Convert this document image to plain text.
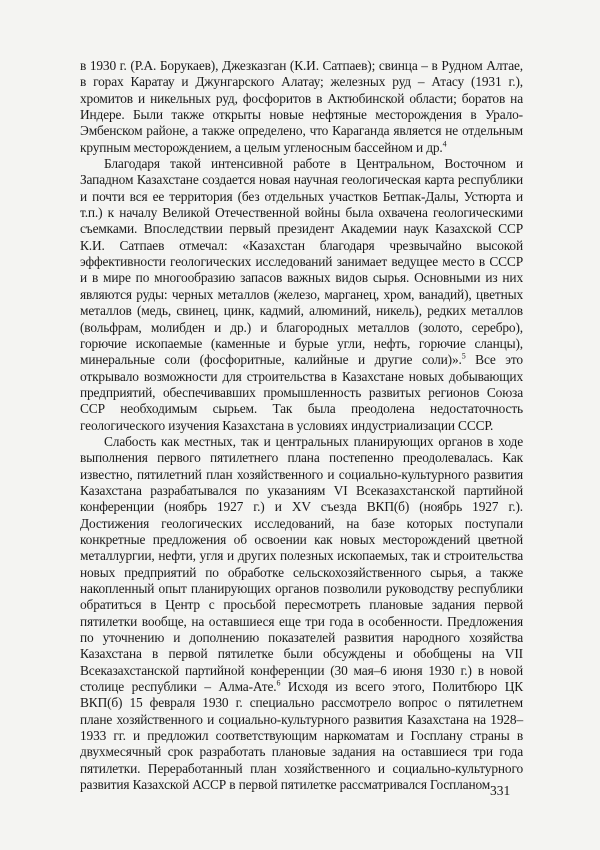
в 1930 г. (Р.А. Борукаев), Джезказган (К.И. Сатпаев); свинца – в Рудном Алтае, в горах Каратау и Джунгарского Алатау; железных руд – Атасу (1931 г.), хромитов и никельных руд, фосфоритов в Актюбинской области; боратов на Индере. Были также открыты новые нефтяные месторождения в Урало-Эмбенском районе, а также определено, что Караганда является не отдельным крупным месторождением, а целым угленосным бассейном и др.$^4$

Благодаря такой интенсивной работе в Центральном, Восточном и Западном Казахстане создается новая научная геологическая карта республики и почти вся ее территория (без отдельных участков Бетпак-Далы, Устюрта и т.п.) к началу Великой Отечественной войны была охвачена геологическими съемками. Впоследствии первый президент Академии наук Казахской ССР К.И. Сатпаев отмечал: «Казахстан благодаря чрезвычайно высокой эффективности геологических исследований занимает ведущее место в СССР и в мире по многообразию запасов важных видов сырья. Основными из них являются руды: черных металлов (железо, марганец, хром, ванадий), цветных металлов (медь, свинец, цинк, кадмий, алюминий, никель), редких металлов (вольфрам, молибден и др.) и благородных металлов (золото, серебро), горючие ископаемые (каменные и бурые угли, нефть, горючие сланцы), минеральные соли (фосфоритные, калийные и другие соли)».$^5$ Все это открывало возможности для строительства в Казахстане новых добывающих предприятий, обеспечивавших промышленность развитых регионов Союза ССР необходимым сырьем. Так была преодолена недостаточность геологического изучения Казахстана в условиях индустриализации СССР.

Слабость как местных, так и центральных планирующих органов в ходе выполнения первого пятилетнего плана постепенно преодолевалась. Как известно, пятилетний план хозяйственного и социально-культурного развития Казахстана разрабатывался по указаниям VI Всеказахстанской партийной конференции (ноябрь 1927 г.) и XV съезда ВКП(б) (ноябрь 1927 г.). Достижения геологических исследований, на базе которых поступали конкретные предложения об освоении как новых месторождений цветной металлургии, нефти, угля и других полезных ископаемых, так и строительства новых предприятий по обработке сельскохозяйственного сырья, а также накопленный опыт планирующих органов позволили руководству республики обратиться в Центр с просьбой пересмотреть плановые задания первой пятилетки вообще, на оставшиеся еще три года в особенности. Предложения по уточнению и дополнению показателей развития народного хозяйства Казахстана в первой пятилетке были обсуждены и обобщены на VII Всеказахстанской партийной конференции (30 мая–6 июня 1930 г.) в новой столице республики – Алма-Ате.$^6$ Исходя из всего этого, Политбюро ЦК ВКП(б) 15 февраля 1930 г. специально рассмотрело вопрос о пятилетнем плане хозяйственного и социально-культурного развития Казахстана на 1928–1933 гг. и предложил соответствующим наркоматам и Госплану страны в двухмесячный срок разработать плановые задания на оставшиеся три года пятилетки. Переработанный план хозяйственного и социально-культурного развития Казахской АССР в первой пятилетке рассматривался Госпланом 331
